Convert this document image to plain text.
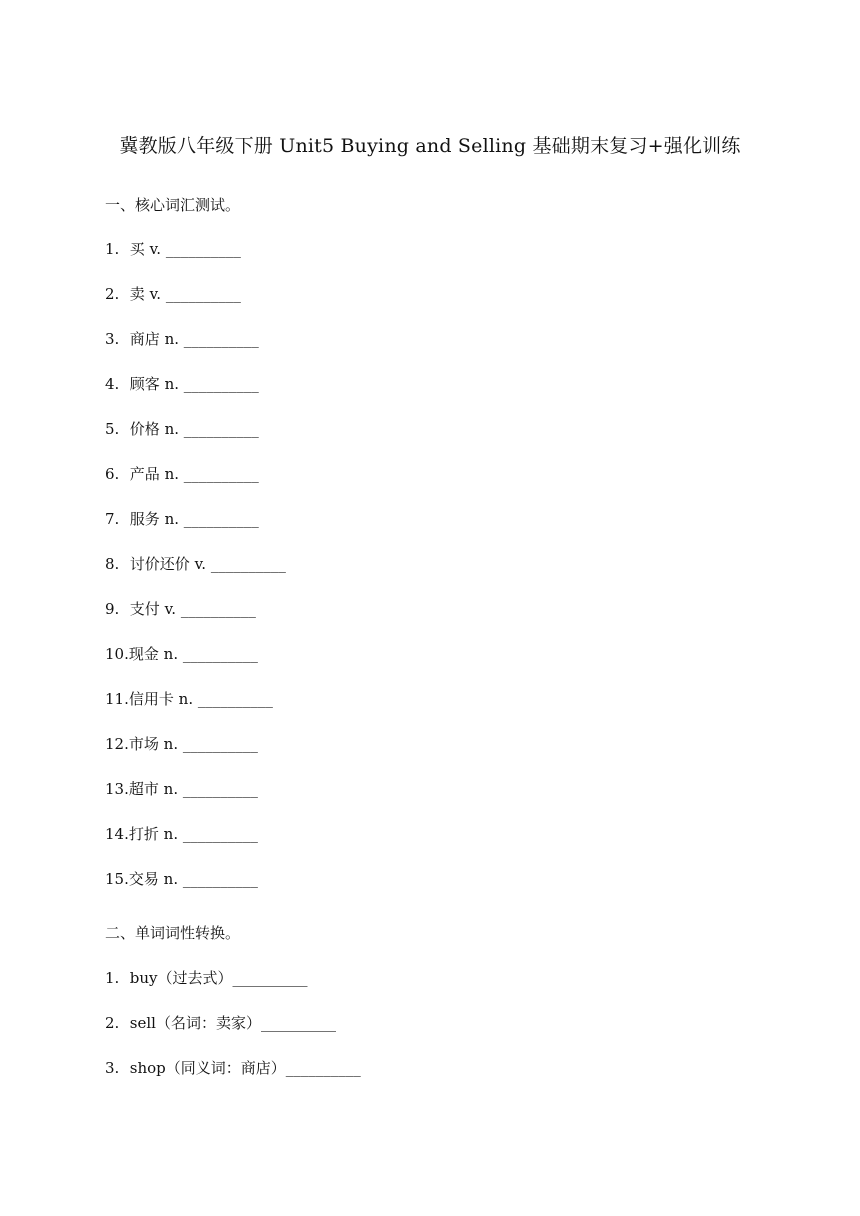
冀教版八年级下册 Unit5 Buying and Selling 基础期末复习+强化训练
一、核心词汇测试。
1. 买 v. __________
2. 卖 v. __________
3. 商店 n. __________
4. 顾客 n. __________
5. 价格 n. __________
6. 产品 n. __________
7. 服务 n. __________
8. 讨价还价 v. __________
9. 支付 v. __________
10.现金 n. __________
11.信用卡 n. __________
12.市场 n. __________
13.超市 n. __________
14.打折 n. __________
15.交易 n. __________
二、单词词性转换。
1. buy（过去式）__________
2. sell（名词：卖家）__________
3. shop（同义词：商店）__________
